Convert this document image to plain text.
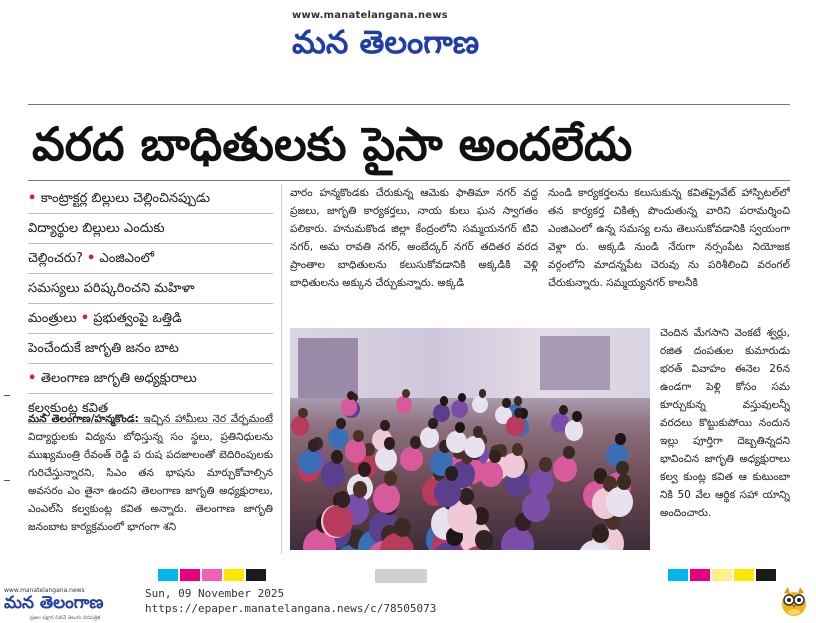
www.manatelangana.news
మన తెలంగాణ
వరద బాధితులకు పైసా అందలేదు
• కాంట్రాక్టర్ల బిల్లులు చెల్లించినప్పుడు
విద్యార్థుల బిల్లులు ఎందుకు
చెల్లించరు? • ఎంజిఎంలో
సమస్యలు పరిష్కరించని మహిళా
మంత్రులు • ప్రభుత్వంపై ఒత్తిడి
పెంచేందుకే జాగృతి జనం బాట
• తెలంగాణ జాగృతి అధ్యక్షురాలు
కల్వకుంట్ల కవిత

మన తెలంగాణ/హన్మకొండ: ఇచ్చిన హామీలు నెర వేర్చమంటే విద్యార్థులకు విద్యను బోధిస్తున్న సం స్థలు, ప్రతినిధులను ముఖ్యమంత్రి రేవంత్ రెడ్డి ప రుష పదజాలంతో బెదిరింపులకు గురిచేస్తున్నారని, సిఎం తన భాషను మార్చుకోవాల్సిన అవసరం ఎం తైనా ఉందని తెలంగాణ జాగృతి అధ్యక్షురాలు, ఎంఎల్‌సి కల్వకుంట్ల కవిత అన్నారు. తెలంగాణ జాగృతి జనంబాట కార్యక్రమంలో భాగంగా శని

వారం హన్మకొండకు చేరుకున్న ఆమెకు ఫాతిమా నగర్ వద్ద ప్రజలు, జాగృతి కార్యకర్తలు, నాయ కులు ఘన స్వాగతం పలికారు. హనుమకొండ జిల్లా కేంద్రంలోని సమ్మయనగర్ టివి నగర్, అమ రావతి నగర్, అంబేద్కర్ నగర్ తదితర వరద ప్రాంతాల బాధితులను కలుసుకోవడానికి అక్కడికి వెళ్లి బాధితులను అక్కున చేర్చుకున్నారు. అక్కడి

నుండి కార్యకర్తలను కలుసుకున్న కవితప్రైవేట్ హాస్పిటల్‌లో తన కార్యకర్త చికిత్స పొందుతున్న వారిని పరామర్శించి ఎంజిఎంలో ఉన్న సమస్య లను తెలుసుకోవడానికి స్వయంగా వెళ్లా రు. అక్కడి నుండి నేరుగా నర్సంపేట నియోజక వర్గంలోని మాదన్నపేట చెరువు ను పరిశీలించి వరంగల్ చేరుకున్నారు. సమ్మయ్యనగర్ కాలనీకి

చెందిన మేగసాని వెంకటే శ్వర్లు, రజిత దంపతుల కుమారుడు భరత్ వివాహం ఈనెల 26న ఉండగా పెళ్లి కోసం సమ కూర్చుకున్న వస్తువులన్నీ వరదలు కొట్టుకుపోయి నందున ఇల్లు పూర్తిగా దెబ్బతిన్నదని భావించిన జాగృతి అధ్యక్షురాలు కల్వ కుంట్ల కవిత ఆ కుటుంబా నికి 50 వేల ఆర్థిక సహా యాన్ని అందించారు.

www.manatelangana.news
మన తెలంగాణ
ప్రజల పక్షాన నిలిచే తెలుగు దినపత్రిక
Sun, 09 November 2025
https://epaper.manatelangana.news/c/78505073
